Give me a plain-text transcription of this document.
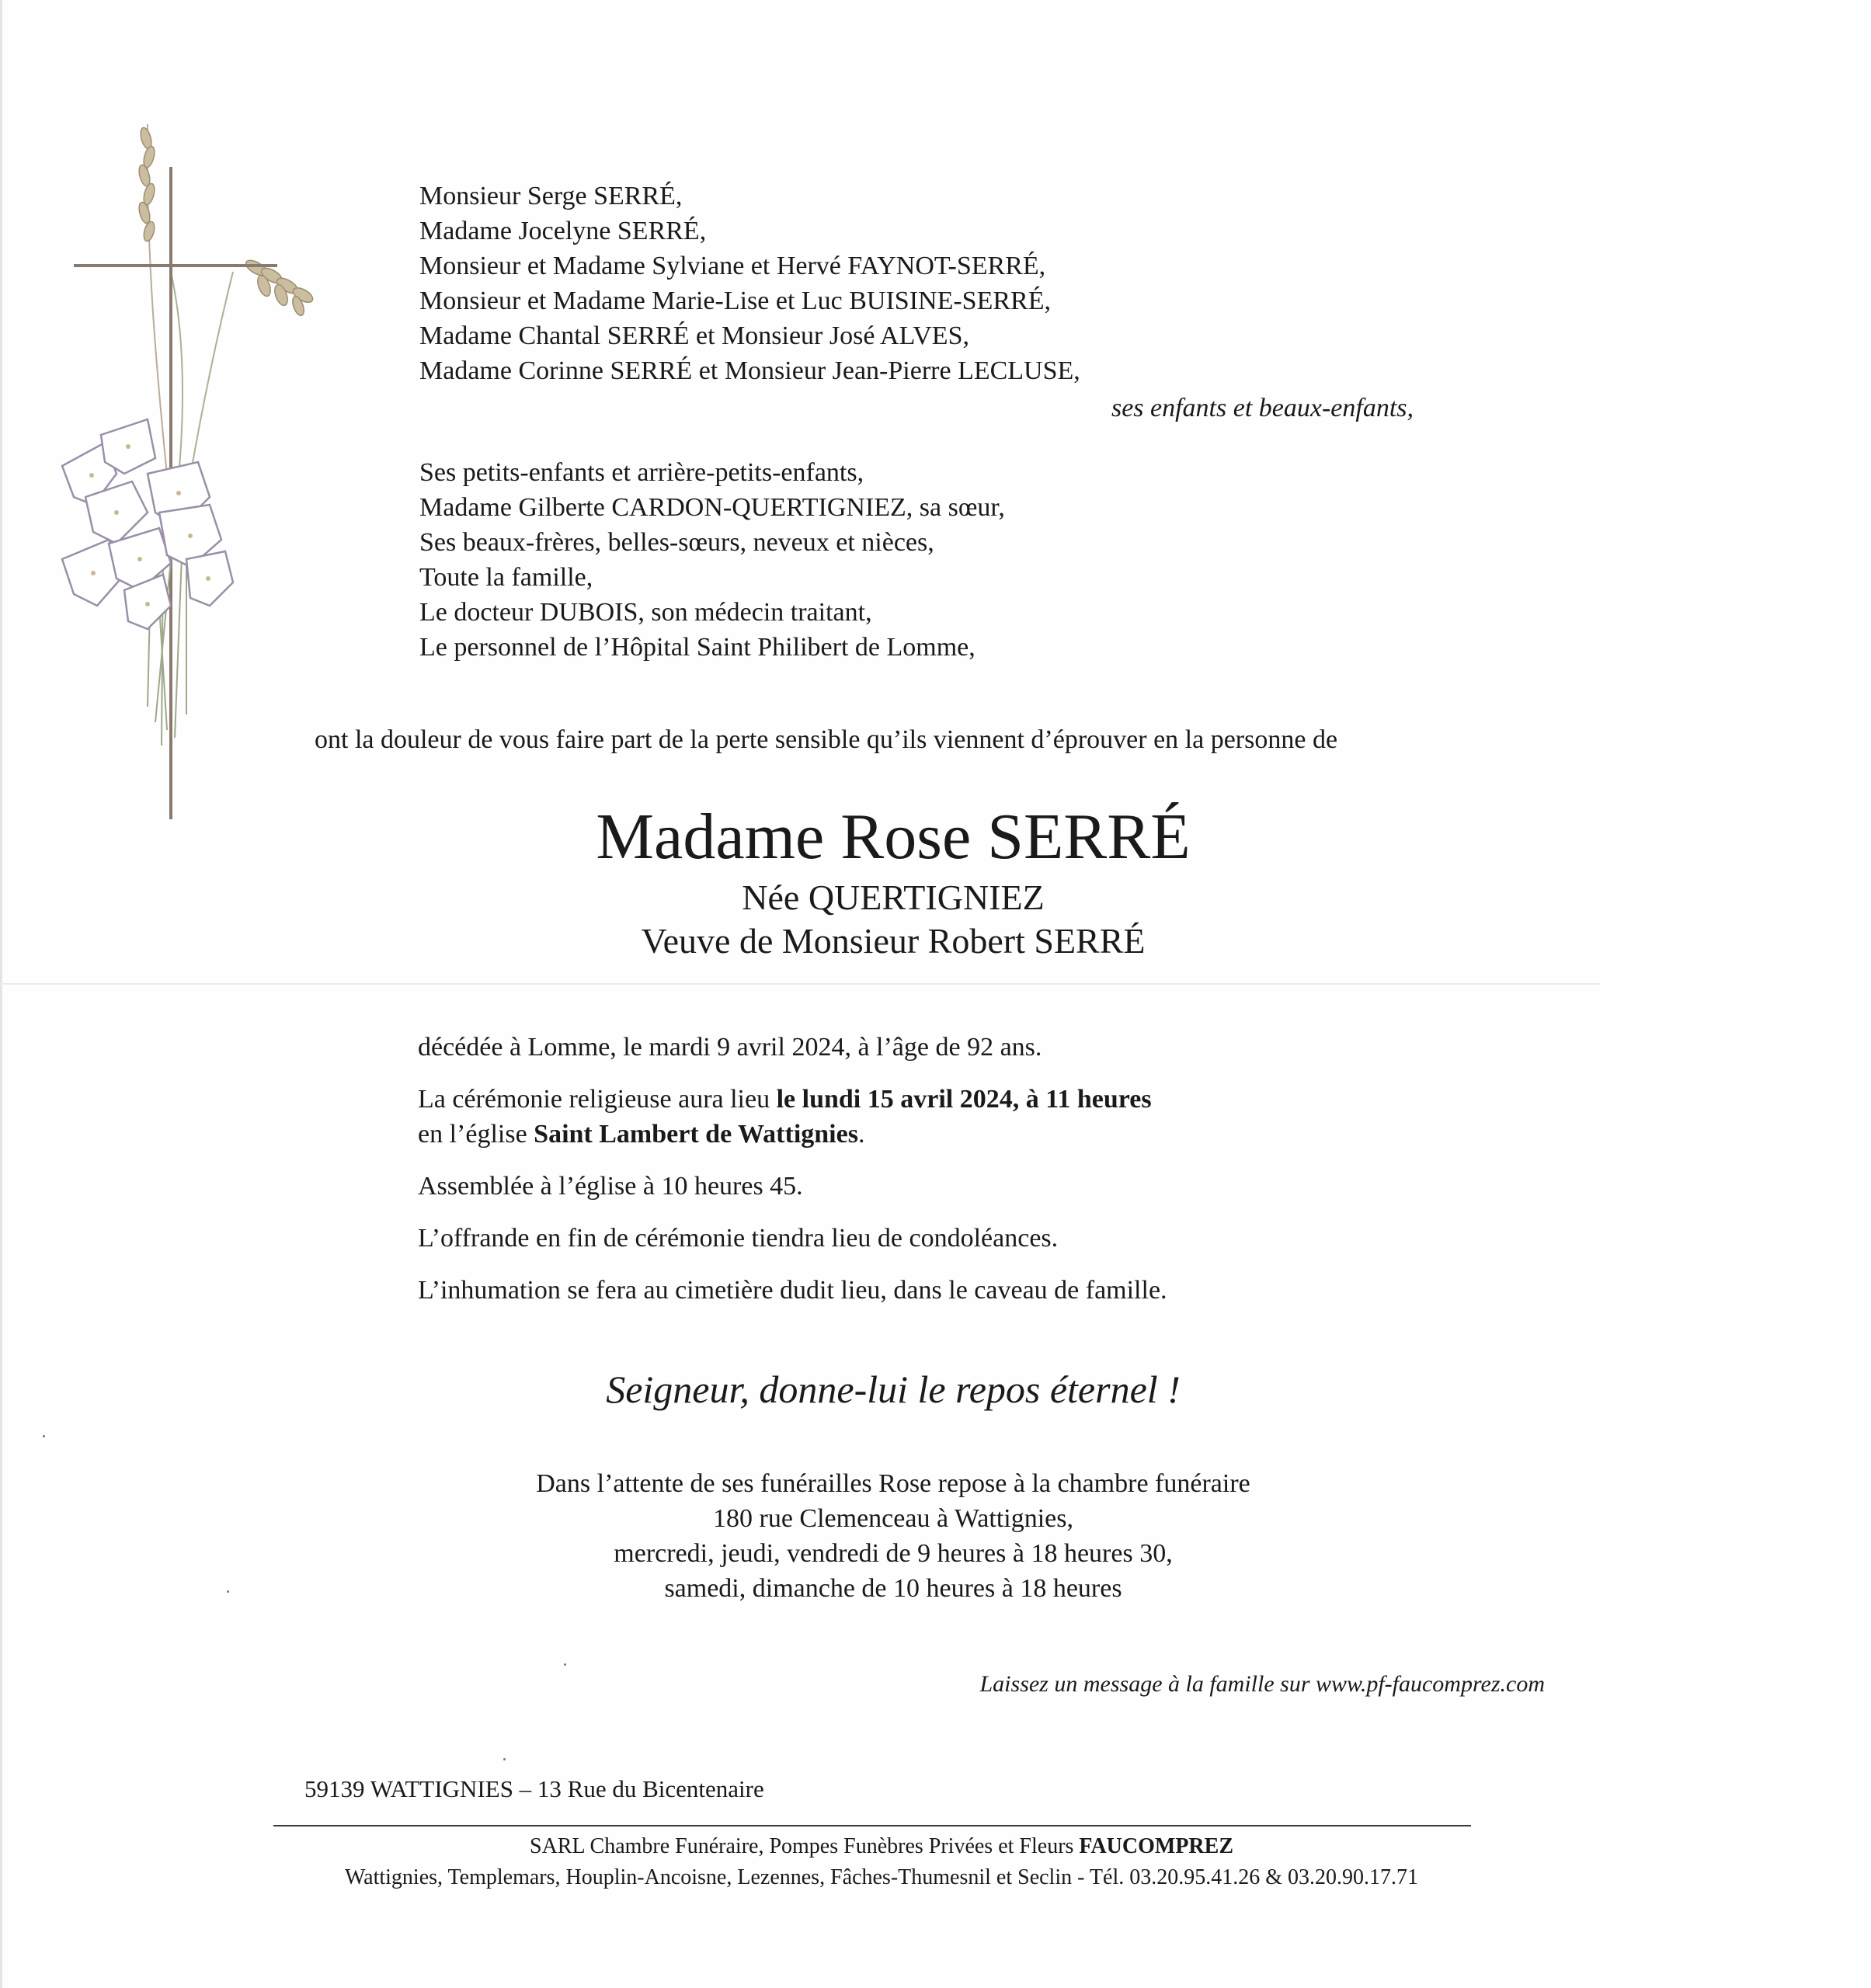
Monsieur Serge SERRÉ,
Madame Jocelyne SERRÉ,
Monsieur et Madame Sylviane et Hervé FAYNOT-SERRÉ,
Monsieur et Madame Marie-Lise et Luc BUISINE-SERRÉ,
Madame Chantal SERRÉ et Monsieur José ALVES,
Madame Corinne SERRÉ et Monsieur Jean-Pierre LECLUSE,
ses enfants et beaux-enfants,
Ses petits-enfants et arrière-petits-enfants,
Madame Gilberte CARDON-QUERTIGNIEZ, sa sœur,
Ses beaux-frères, belles-sœurs, neveux et nièces,
Toute la famille,
Le docteur DUBOIS, son médecin traitant,
Le personnel de l’Hôpital Saint Philibert de Lomme,
ont la douleur de vous faire part de la perte sensible qu’ils viennent d’éprouver en la personne de
Madame Rose SERRÉ
Née QUERTIGNIEZ
Veuve de Monsieur Robert SERRÉ
décédée à Lomme, le mardi 9 avril 2024, à l’âge de 92 ans.
La cérémonie religieuse aura lieu le lundi 15 avril 2024, à 11 heures
en l’église Saint Lambert de Wattignies.
Assemblée à l’église à 10 heures 45.
L’offrande en fin de cérémonie tiendra lieu de condoléances.
L’inhumation se fera au cimetière dudit lieu, dans le caveau de famille.
Seigneur, donne-lui le repos éternel !
Dans l’attente de ses funérailles Rose repose à la chambre funéraire
180 rue Clemenceau à Wattignies,
mercredi, jeudi, vendredi de 9 heures à 18 heures 30,
samedi, dimanche de 10 heures à 18 heures
Laissez un message à la famille sur www.pf-faucomprez.com
59139 WATTIGNIES – 13 Rue du Bicentenaire
SARL Chambre Funéraire, Pompes Funèbres Privées et Fleurs FAUCOMPREZ
Wattignies, Templemars, Houplin-Ancoisne, Lezennes, Fâches-Thumesnil et Seclin - Tél. 03.20.95.41.26 & 03.20.90.17.71
